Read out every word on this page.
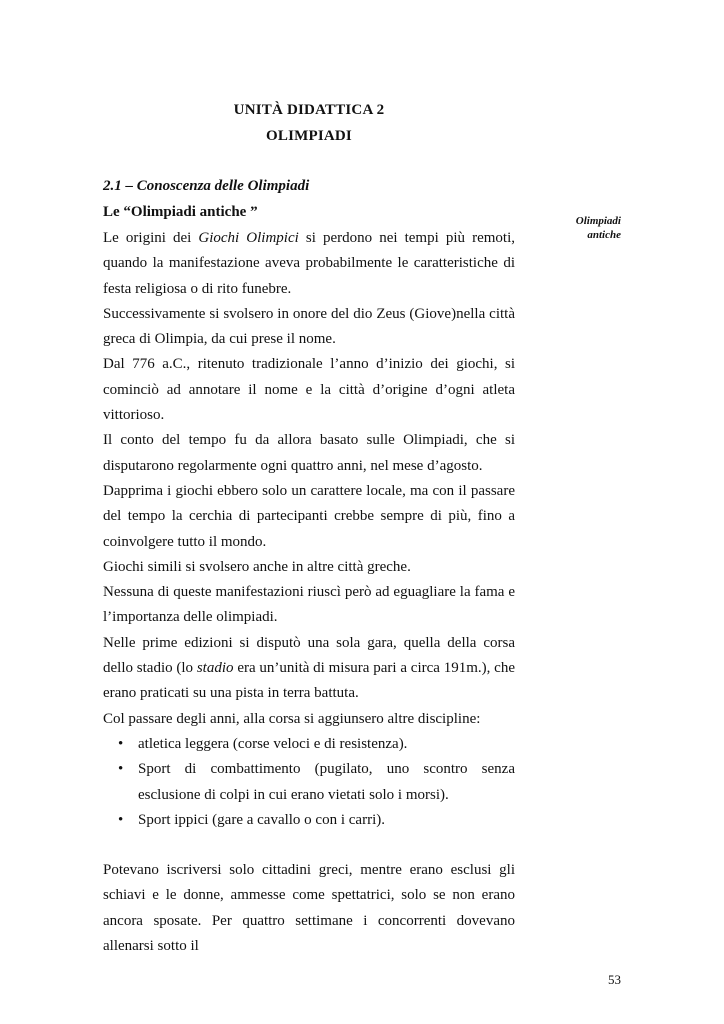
UNITÀ DIDATTICA 2
OLIMPIADI
2.1 – Conoscenza delle Olimpiadi
Le “Olimpiadi antiche ”
Olimpiadi
antiche

Le origini dei Giochi Olimpici si perdono nei tempi più remoti, quando la manifestazione aveva probabilmente le caratteristiche di festa religiosa o di rito funebre.

Successivamente si svolsero in onore del dio Zeus (Giove)nella città greca di Olimpia, da cui prese il nome.

Dal 776 a.C., ritenuto tradizionale l’anno d’inizio dei giochi, si cominciò ad annotare il nome e la città d’origine d’ogni atleta vittorioso.

Il conto del tempo fu da allora basato sulle Olimpiadi, che si disputarono regolarmente ogni quattro anni, nel mese d’agosto.

Dapprima i giochi ebbero solo un carattere locale, ma con il passare del tempo la cerchia di partecipanti crebbe sempre di più, fino a coinvolgere tutto il mondo.

Giochi simili si svolsero anche in altre città greche.

Nessuna di queste manifestazioni riuscì però ad eguagliare la fama e l’importanza delle olimpiadi.

Nelle prime edizioni si disputò una sola gara, quella della corsa dello stadio (lo stadio era un’unità di misura pari a circa 191m.), che erano praticati su una pista in terra battuta.

Col passare degli anni, alla corsa si aggiunsero altre discipline:

• atletica leggera (corse veloci e di resistenza).
• Sport di combattimento (pugilato, uno scontro senza esclusione di colpi in cui erano vietati solo i morsi).
• Sport ippici (gare a cavallo o con i carri).

Potevano iscriversi solo cittadini greci, mentre erano esclusi gli schiavi e le donne, ammesse come spettatrici, solo se non erano ancora sposate. Per quattro settimane i concorrenti dovevano allenarsi sotto il

53
